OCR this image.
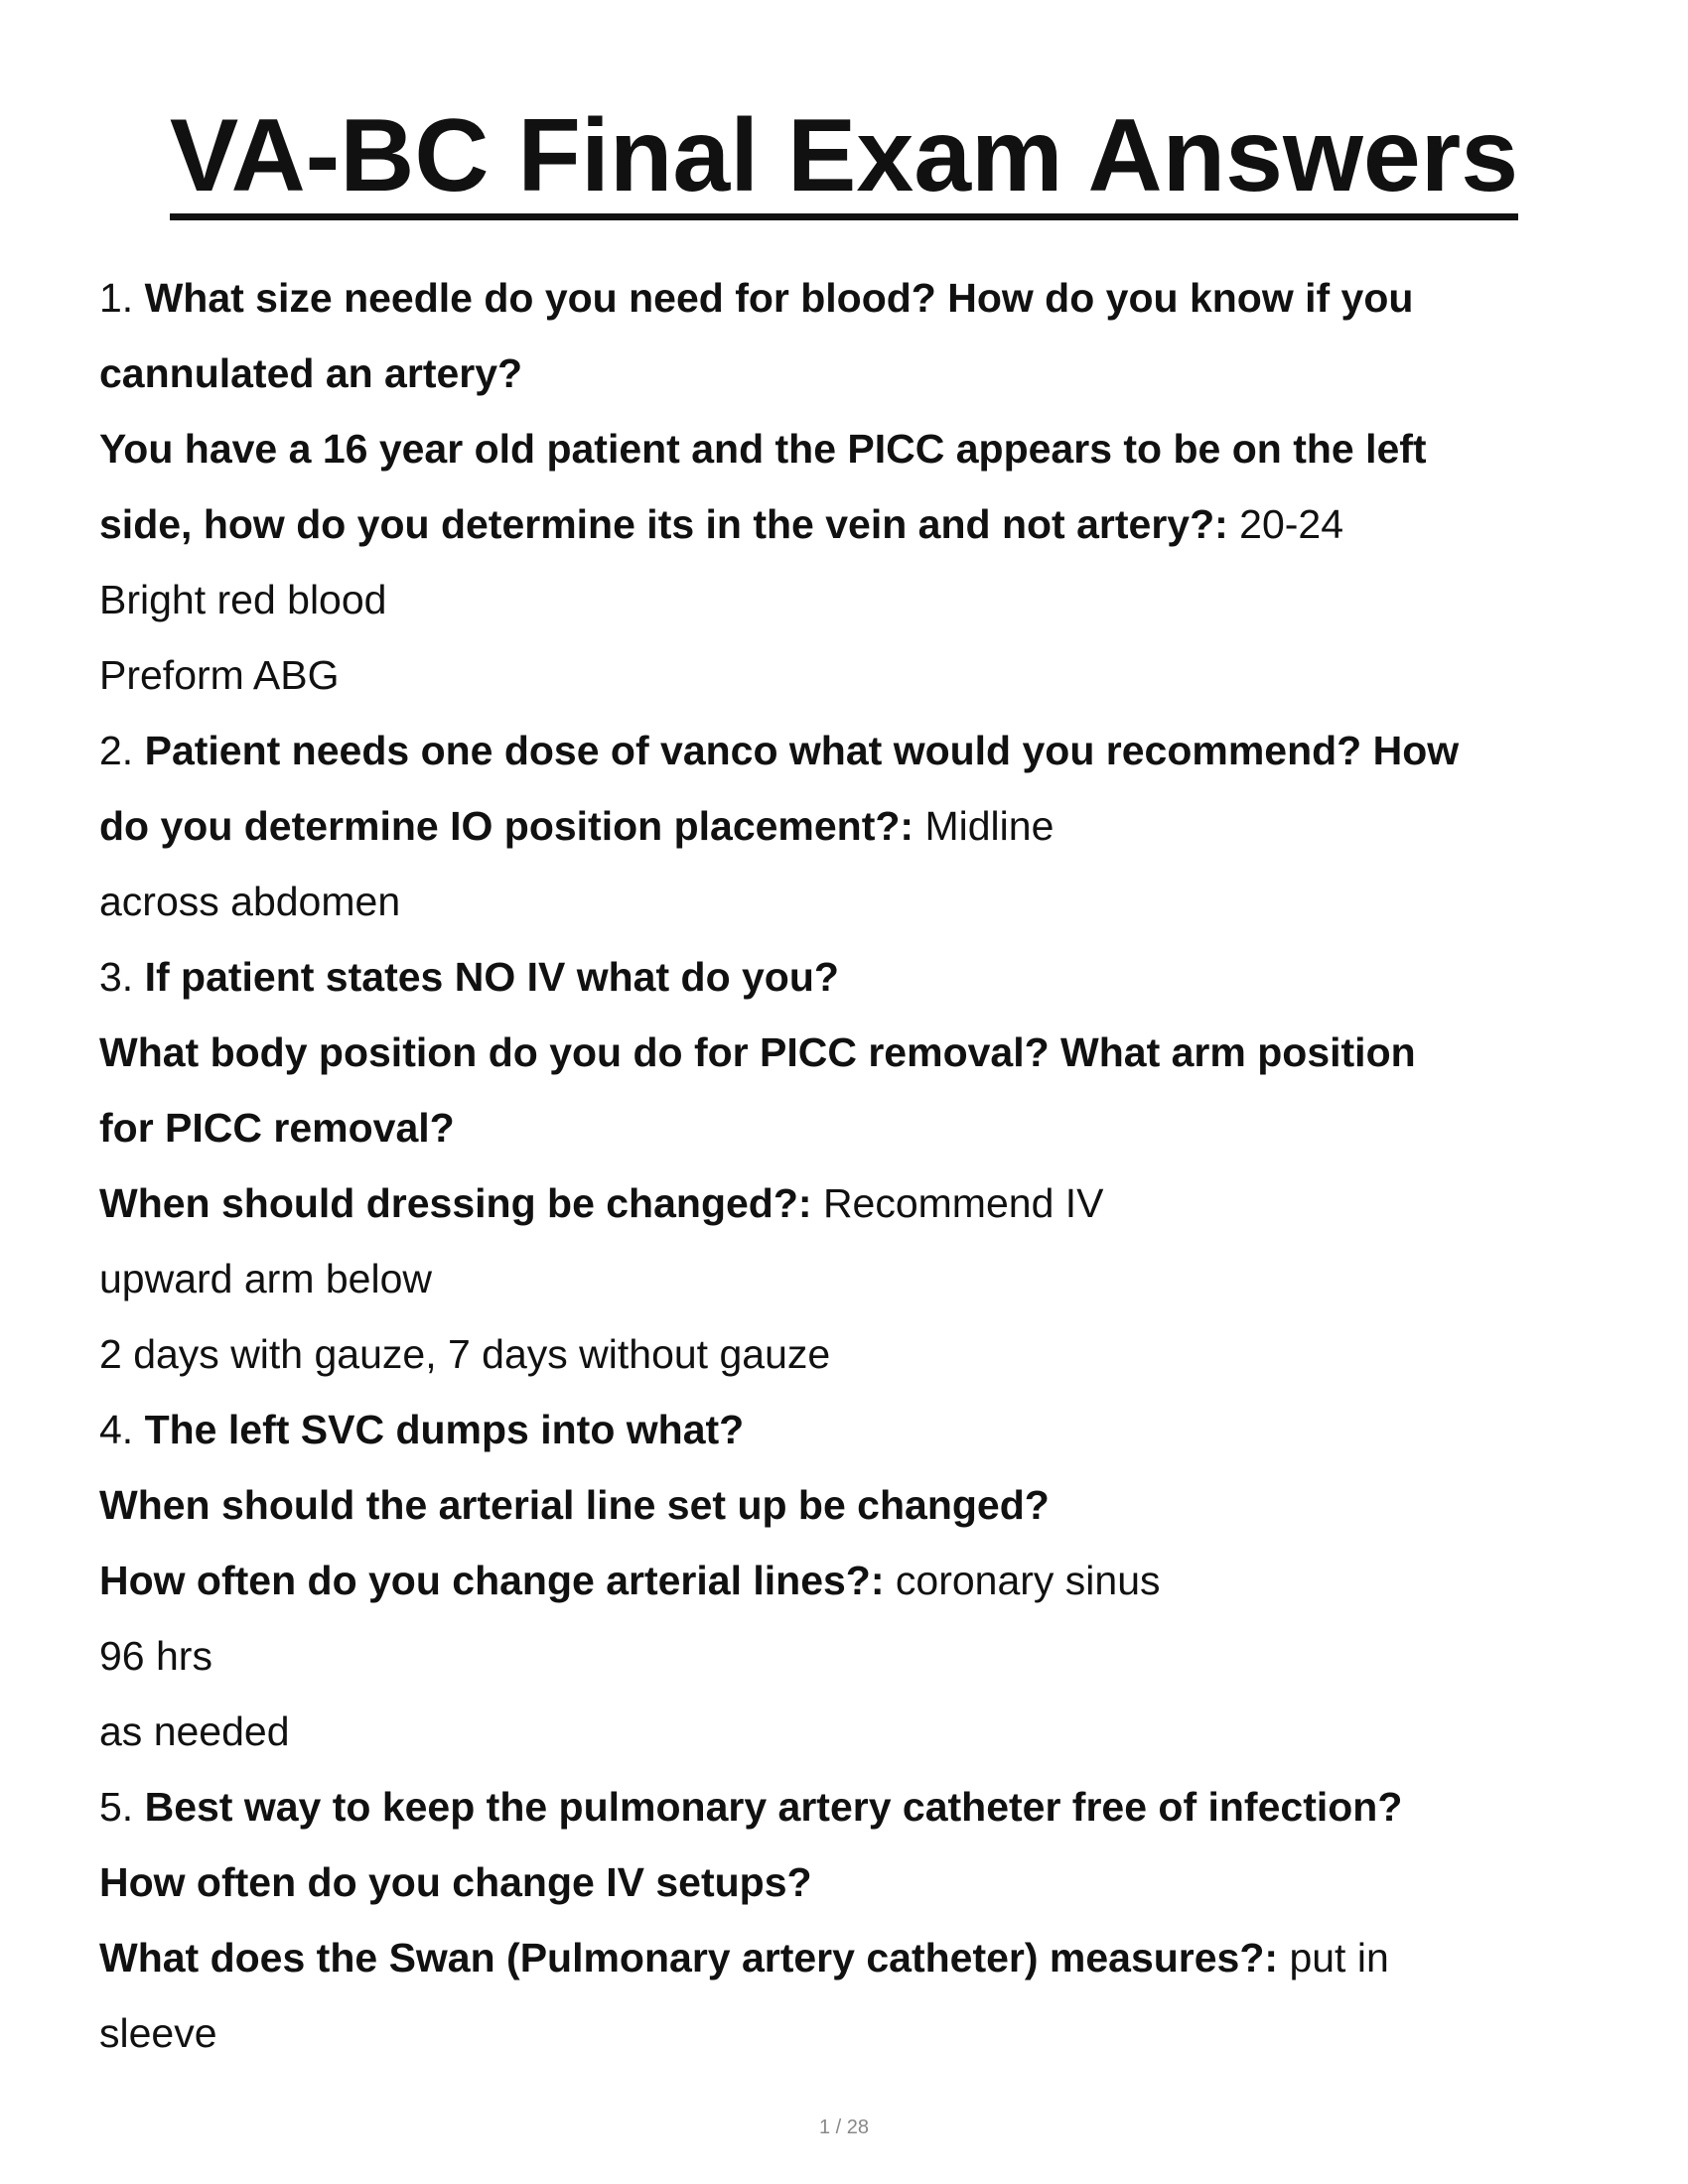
VA-BC Final Exam Answers
1. What size needle do you need for blood? How do you know if you
cannulated an artery?
You have a 16 year old patient and the PICC appears to be on the left
side, how do you determine its in the vein and not artery?: 20-24
Bright red blood
Preform ABG
2. Patient needs one dose of vanco what would you recommend? How
do you determine IO position placement?: Midline
across abdomen
3. If patient states NO IV what do you?
What body position do you do for PICC removal? What arm position
for PICC removal?
When should dressing be changed?: Recommend IV
upward arm below
2 days with gauze, 7 days without gauze
4. The left SVC dumps into what?
When should the arterial line set up be changed?
How often do you change arterial lines?: coronary sinus
96 hrs
as needed
5. Best way to keep the pulmonary artery catheter free of infection?
How often do you change IV setups?
What does the Swan (Pulmonary artery catheter) measures?: put in
sleeve
1 / 28
